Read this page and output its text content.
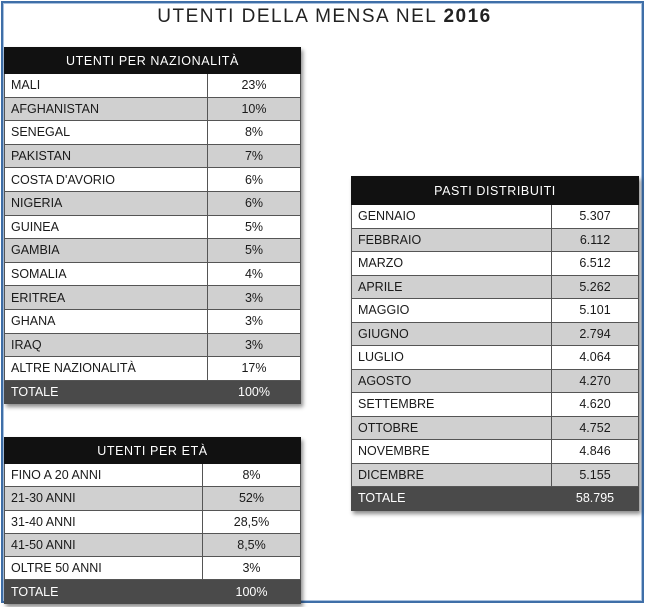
UTENTI DELLA MENSA NEL 2016
UTENTI PER NAZIONALITÀ	
MALI	23%
AFGHANISTAN	10%
SENEGAL	8%
PAKISTAN	7%
COSTA D'AVORIO	6%
NIGERIA	6%
GUINEA	5%
GAMBIA	5%
SOMALIA	4%
ERITREA	3%
GHANA	3%
IRAQ	3%
ALTRE NAZIONALITÀ	17%
TOTALE	100%
PASTI DISTRIBUITI	
GENNAIO	5.307
FEBBRAIO	6.112
MARZO	6.512
APRILE	5.262
MAGGIO	5.101
GIUGNO	2.794
LUGLIO	4.064
AGOSTO	4.270
SETTEMBRE	4.620
OTTOBRE	4.752
NOVEMBRE	4.846
DICEMBRE	5.155
TOTALE	58.795
UTENTI PER ETÀ	
FINO A 20 ANNI	8%
21-30 ANNI	52%
31-40 ANNI	28,5%
41-50 ANNI	8,5%
OLTRE 50 ANNI	3%
TOTALE	100%
